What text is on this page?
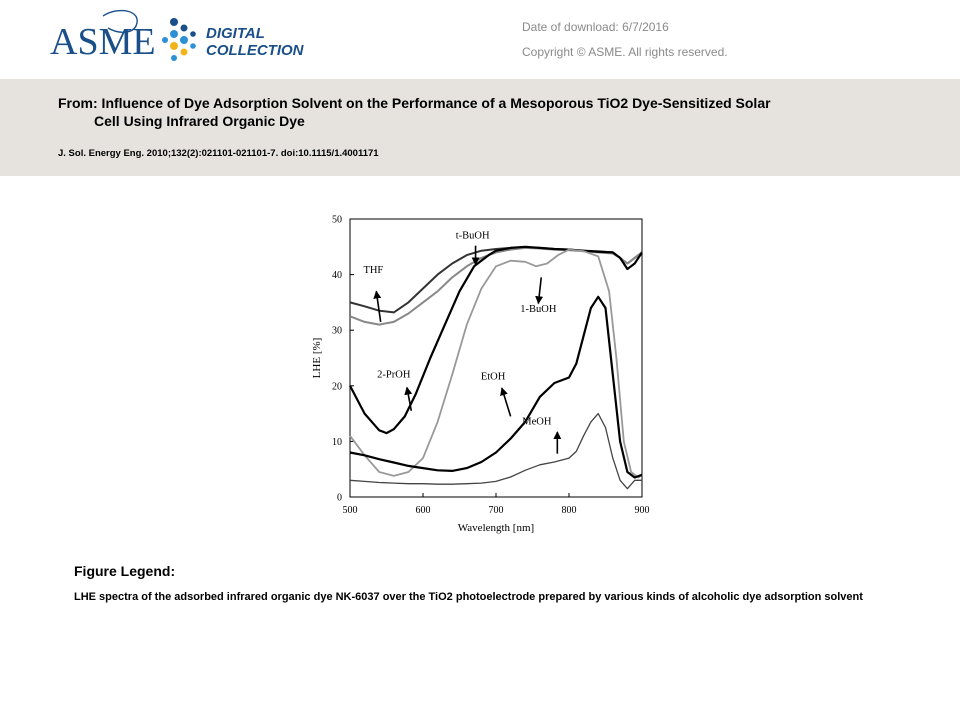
ASME	DIGITAL
COLLECTION
Date of download: 6/7/2016
Copyright © ASME. All rights reserved.
From: Influence of Dye Adsorption Solvent on the Performance of a Mesoporous TiO2 Dye-Sensitized Solar
Cell Using Infrared Organic Dye
J. Sol. Energy Eng. 2010;132(2):021101-021101-7. doi:10.1115/1.4001171
500	600	700	800	900
0
10
20
30
40
50
Wavelength [nm]
LHE [%]
t-BuOH
THF
1-BuOH
2-PrOH	EtOH
MeOH
Figure Legend:
LHE spectra of the adsorbed infrared organic dye NK-6037 over the TiO2 photoelectrode prepared by various kinds of alcoholic dye adsorption solvent
